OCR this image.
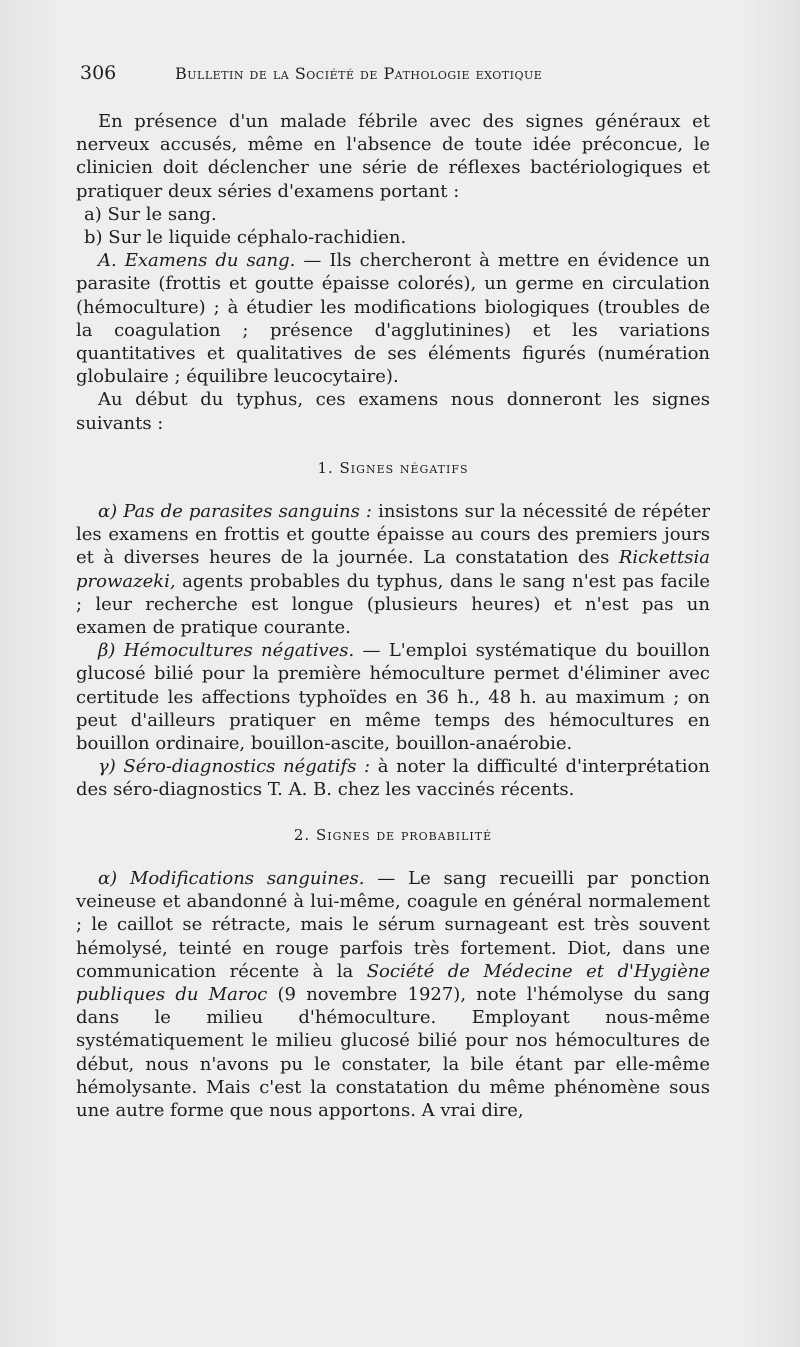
306	Bulletin de la Société de Pathologie exotique

En présence d'un malade fébrile avec des signes généraux et nerveux accusés, même en l'absence de toute idée préconcue, le clinicien doit déclencher une série de réflexes bactériologiques et pratiquer deux séries d'examens portant :

a) Sur le sang.

b) Sur le liquide céphalo-rachidien.

A. Examens du sang. — Ils chercheront à mettre en évidence un parasite (frottis et goutte épaisse colorés), un germe en circulation (hémoculture) ; à étudier les modifications biologiques (troubles de la coagulation ; présence d'agglutinines) et les variations quantitatives et qualitatives de ses éléments figurés (numération globulaire ; équilibre leucocytaire).

Au début du typhus, ces examens nous donneront les signes suivants :

1. Signes négatifs

α) Pas de parasites sanguins : insistons sur la nécessité de répéter les examens en frottis et goutte épaisse au cours des premiers jours et à diverses heures de la journée. La constatation des Rickettsia prowazeki, agents probables du typhus, dans le sang n'est pas facile ; leur recherche est longue (plusieurs heures) et n'est pas un examen de pratique courante.

β) Hémocultures négatives. — L'emploi systématique du bouillon glucosé bilié pour la première hémoculture permet d'éliminer avec certitude les affections typhoïdes en 36 h., 48 h. au maximum ; on peut d'ailleurs pratiquer en même temps des hémocultures en bouillon ordinaire, bouillon-ascite, bouillon-anaérobie.

γ) Séro-diagnostics négatifs : à noter la difficulté d'interprétation des séro-diagnostics T. A. B. chez les vaccinés récents.

2. Signes de probabilité

α) Modifications sanguines. — Le sang recueilli par ponction veineuse et abandonné à lui-même, coagule en général normalement ; le caillot se rétracte, mais le sérum surnageant est très souvent hémolysé, teinté en rouge parfois très fortement. Diot, dans une communication récente à la Société de Médecine et d'Hygiène publiques du Maroc (9 novembre 1927), note l'hémolyse du sang dans le milieu d'hémoculture. Employant nous-même systématiquement le milieu glucosé bilié pour nos hémocultures de début, nous n'avons pu le constater, la bile étant par elle-même hémolysante. Mais c'est la constatation du même phénomène sous une autre forme que nous apportons. A vrai dire,
